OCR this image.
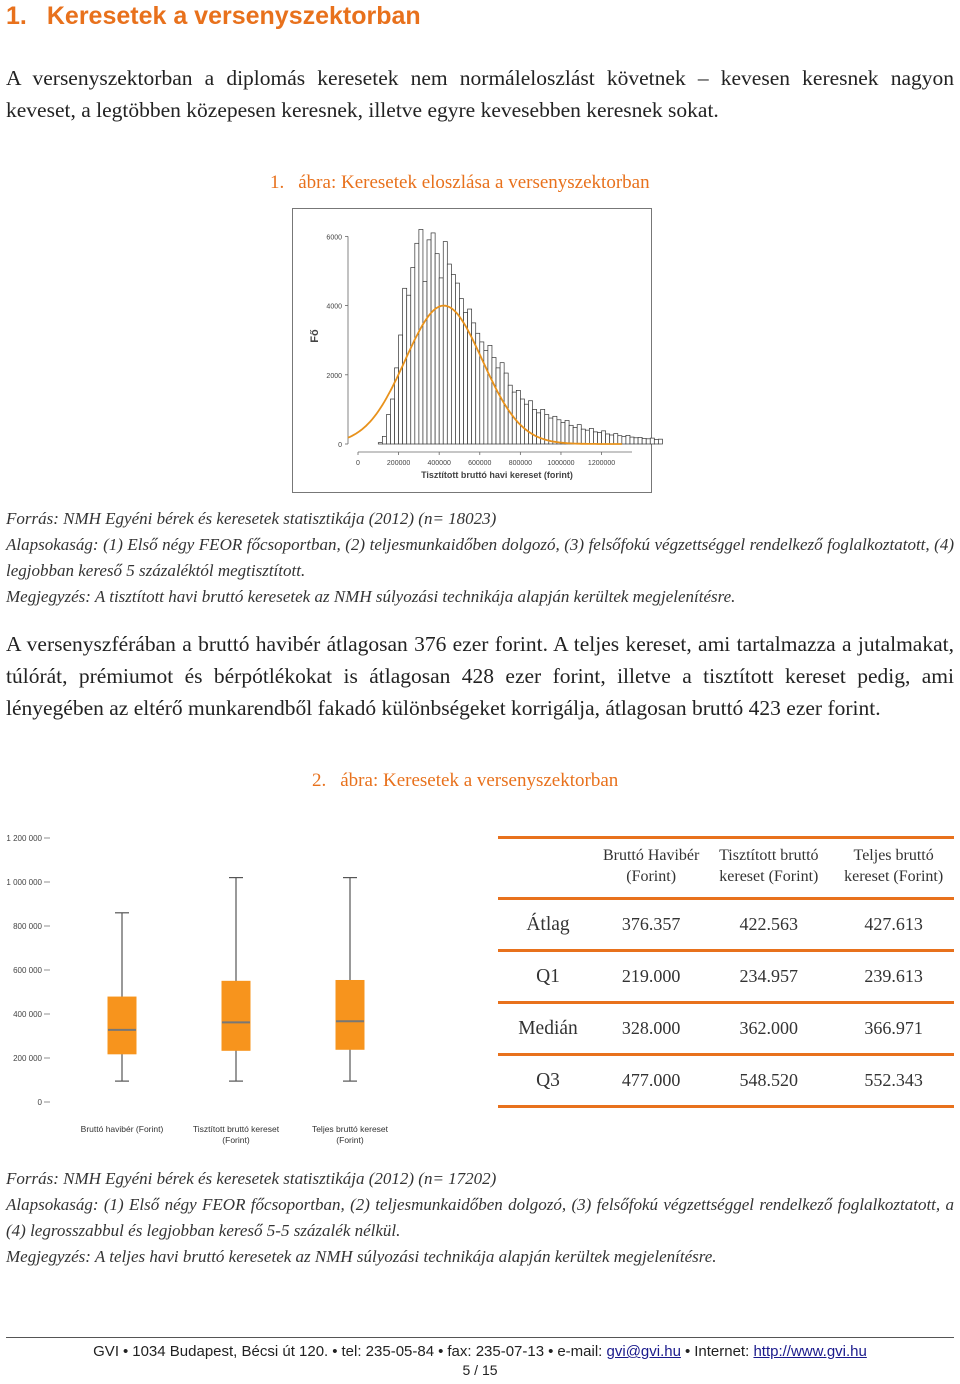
1. Keresetek a versenyszektorban

A versenyszektorban a diplomás keresetek nem normáleloszlást követnek – kevesen keresnek nagyon keveset, a legtöbben közepesen keresnek, illetve egyre kevesebben keresnek sokat.

1. ábra: Keresetek eloszlása a versenyszektorban
0
2000
4000
6000
0	200000 400000 600000 800000 1000000 1200000
Fő
Tisztított bruttó havi kereset (forint)

Forrás: NMH Egyéni bérek és keresetek statisztikája (2012) (n= 18023)

Alapsokaság: (1) Első négy FEOR főcsoportban, (2) teljesmunkaidőben dolgozó, (3) felsőfokú végzettséggel rendelkező foglalkoztatott, (4) legjobban kereső 5 százaléktól megtisztított.

Megjegyzés: A tisztított havi bruttó keresetek az NMH súlyozási technikája alapján kerültek megjelenítésre.

A versenyszférában a bruttó havibér átlagosan 376 ezer forint. A teljes kereset, ami tartalmazza a jutalmakat, túlórát, prémiumot és bérpótlékokat is átlagosan 428 ezer forint, illetve a tisztított kereset pedig, ami lényegében az eltérő munkarendből fakadó különbségeket korrigálja, átlagosan bruttó 423 ezer forint.

2. ábra: Keresetek a versenyszektorban
0
200 000
400 000
600 000
800 000
1 000 000
1 200 000
Bruttó havibér (Forint)	Tisztított bruttó kereset (Forint)
Teljes bruttó kereset (Forint)
	Bruttó Havibér (Forint)	Tisztított bruttó kereset (Forint)	Teljes bruttó kereset (Forint)
Átlag	376.357	422.563	427.613
Q1	219.000	234.957	239.613
Medián	328.000	362.000	366.971
Q3	477.000	548.520	552.343

Forrás: NMH Egyéni bérek és keresetek statisztikája (2012) (n= 17202)

Alapsokaság: (1) Első négy FEOR főcsoportban, (2) teljesmunkaidőben dolgozó, (3) felsőfokú végzettséggel rendelkező foglalkoztatott, a (4) legrosszabbul és legjobban kereső 5-5 százalék nélkül.

Megjegyzés: A teljes havi bruttó keresetek az NMH súlyozási technikája alapján kerültek megjelenítésre.

GVI • 1034 Budapest, Bécsi út 120. • tel: 235-05-84 • fax: 235-07-13 • e-mail: gvi@gvi.hu • Internet: http://www.gvi.hu
5 / 15
